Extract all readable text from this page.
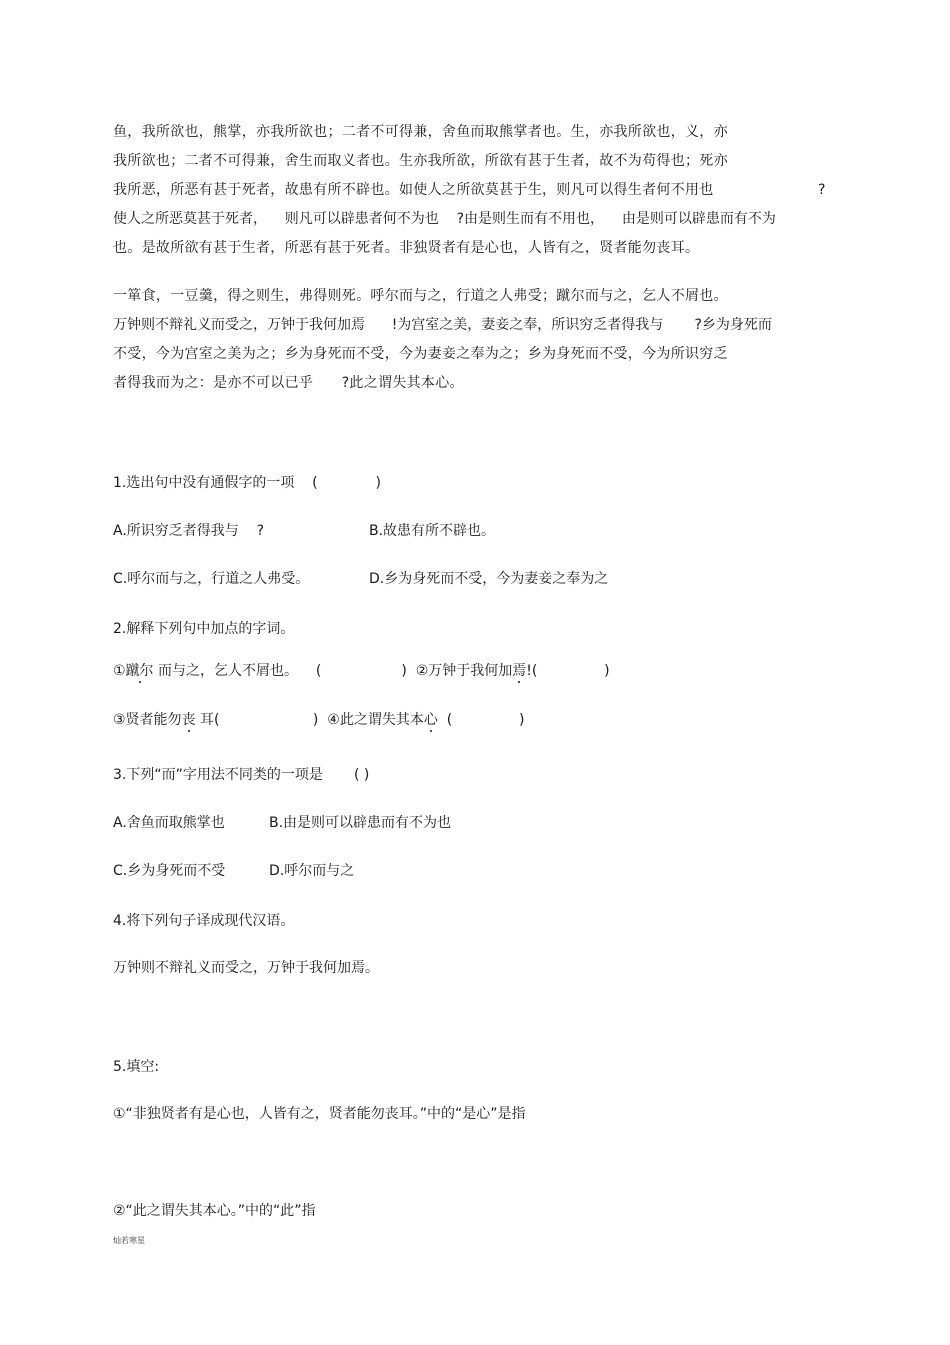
鱼，我所欲也，熊掌，亦我所欲也；二者不可得兼，舍鱼而取熊掌者也。生，亦我所欲也，义，亦
我所欲也；二者不可得兼，舍生而取义者也。生亦我所欲，所欲有甚于生者，故不为苟得也；死亦
我所恶，所恶有甚于死者，故患有所不辟也。如使人之所欲莫甚于生，则凡可以得生者何不用也	?
使人之所恶莫甚于死者，    则凡可以辟患者何不为也    ?由是则生而有不用也，    由是则可以辟患而有不为
也。是故所欲有甚于生者，所恶有甚于死者。非独贤者有是心也，人皆有之，贤者能勿丧耳。
一箪食，一豆羹，得之则生，弗得则死。呼尔而与之，行道之人弗受；蹴尔而与之，乞人不屑也。
万钟则不辩礼义而受之，万钟于我何加焉      !为宫室之美，妻妾之奉，所识穷乏者得我与       ?乡为身死而
不受，今为宫室之美为之；乡为身死而不受，今为妻妾之奉为之；乡为身死而不受，今为所识穷乏
者得我而为之：是亦不可以已乎      ?此之谓失其本心。
1.选出句中没有通假字的一项    (             )
A.所识穷乏者得我与    ?	B.故患有所不辟也。
C.呼尔而与之，行道之人弗受。	D.乡为身死而不受，今为妻妾之奉为之
2.解释下列句中加点的字词。
①蹴尔 而与之，乞人不屑也。    (                  )  ②万钟于我何加焉!(               )
③贤者能勿丧 耳(                     )  ④此之谓失其本心  (               )
3.下列“而”字用法不同类的一项是       ( )
A.舍鱼而取熊掌也	B.由是则可以辟患而有不为也
C.乡为身死而不受	D.呼尔而与之
4.将下列句子译成现代汉语。
万钟则不辩礼义而受之，万钟于我何加焉。
5.填空:
①“非独贤者有是心也，人皆有之，贤者能勿丧耳。”中的“是心”是指
②“此之谓失其本心。”中的“此”指
灿若寒星
